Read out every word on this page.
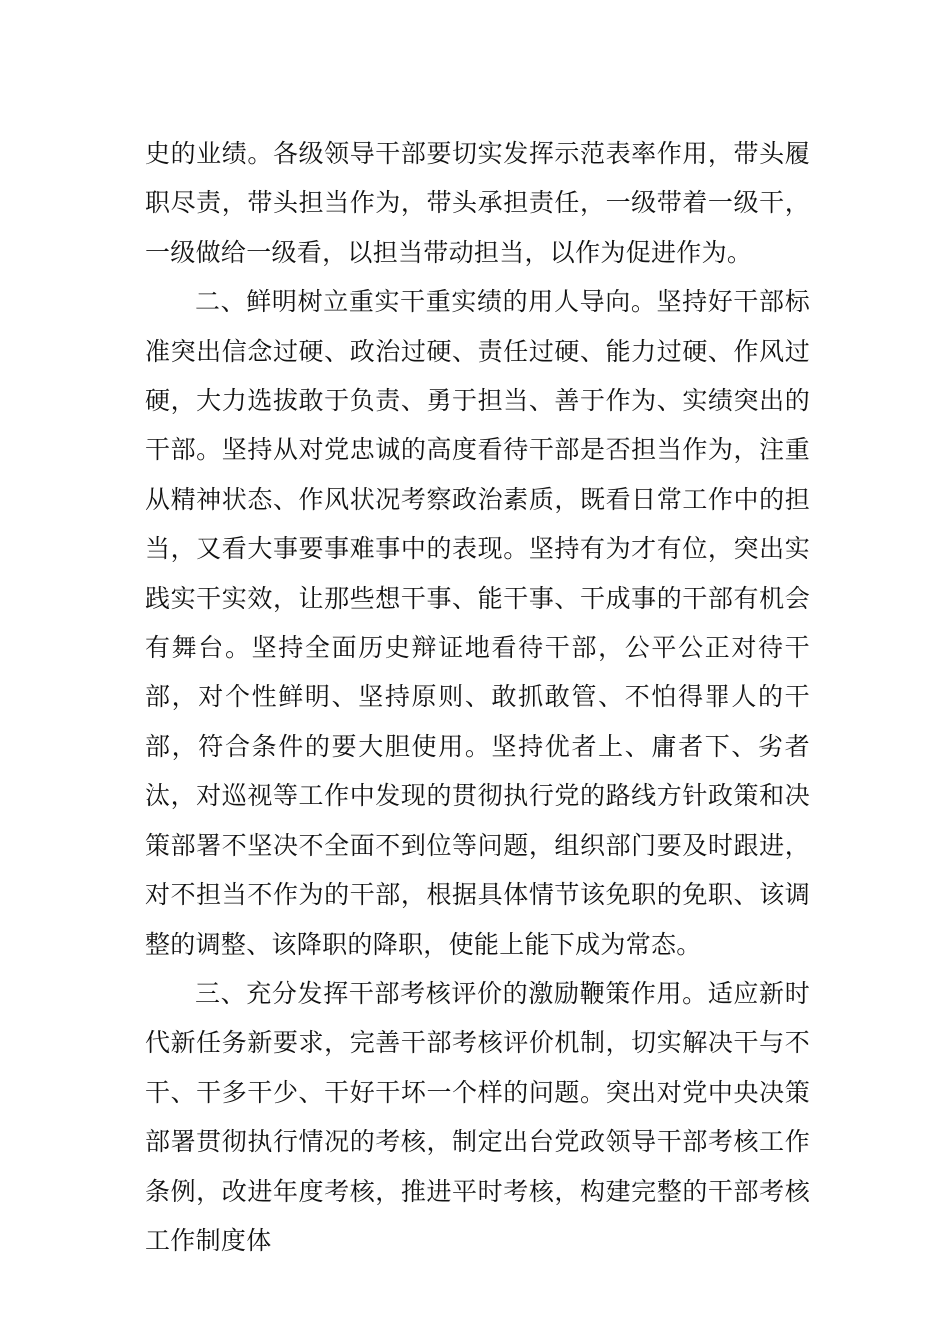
史的业绩。各级领导干部要切实发挥示范表率作用，带头履职尽责，带头担当作为，带头承担责任，一级带着一级干，一级做给一级看，以担当带动担当，以作为促进作为。

二、鲜明树立重实干重实绩的用人导向。坚持好干部标准突出信念过硬、政治过硬、责任过硬、能力过硬、作风过硬，大力选拔敢于负责、勇于担当、善于作为、实绩突出的干部。坚持从对党忠诚的高度看待干部是否担当作为，注重从精神状态、作风状况考察政治素质，既看日常工作中的担当，又看大事要事难事中的表现。坚持有为才有位，突出实践实干实效，让那些想干事、能干事、干成事的干部有机会有舞台。坚持全面历史辩证地看待干部，公平公正对待干部，对个性鲜明、坚持原则、敢抓敢管、不怕得罪人的干部，符合条件的要大胆使用。坚持优者上、庸者下、劣者汰，对巡视等工作中发现的贯彻执行党的路线方针政策和决策部署不坚决不全面不到位等问题，组织部门要及时跟进，对不担当不作为的干部，根据具体情节该免职的免职、该调整的调整、该降职的降职，使能上能下成为常态。

三、充分发挥干部考核评价的激励鞭策作用。适应新时代新任务新要求，完善干部考核评价机制，切实解决干与不干、干多干少、干好干坏一个样的问题。突出对党中央决策部署贯彻执行情况的考核，制定出台党政领导干部考核工作条例，改进年度考核，推进平时考核，构建完整的干部考核工作制度体
